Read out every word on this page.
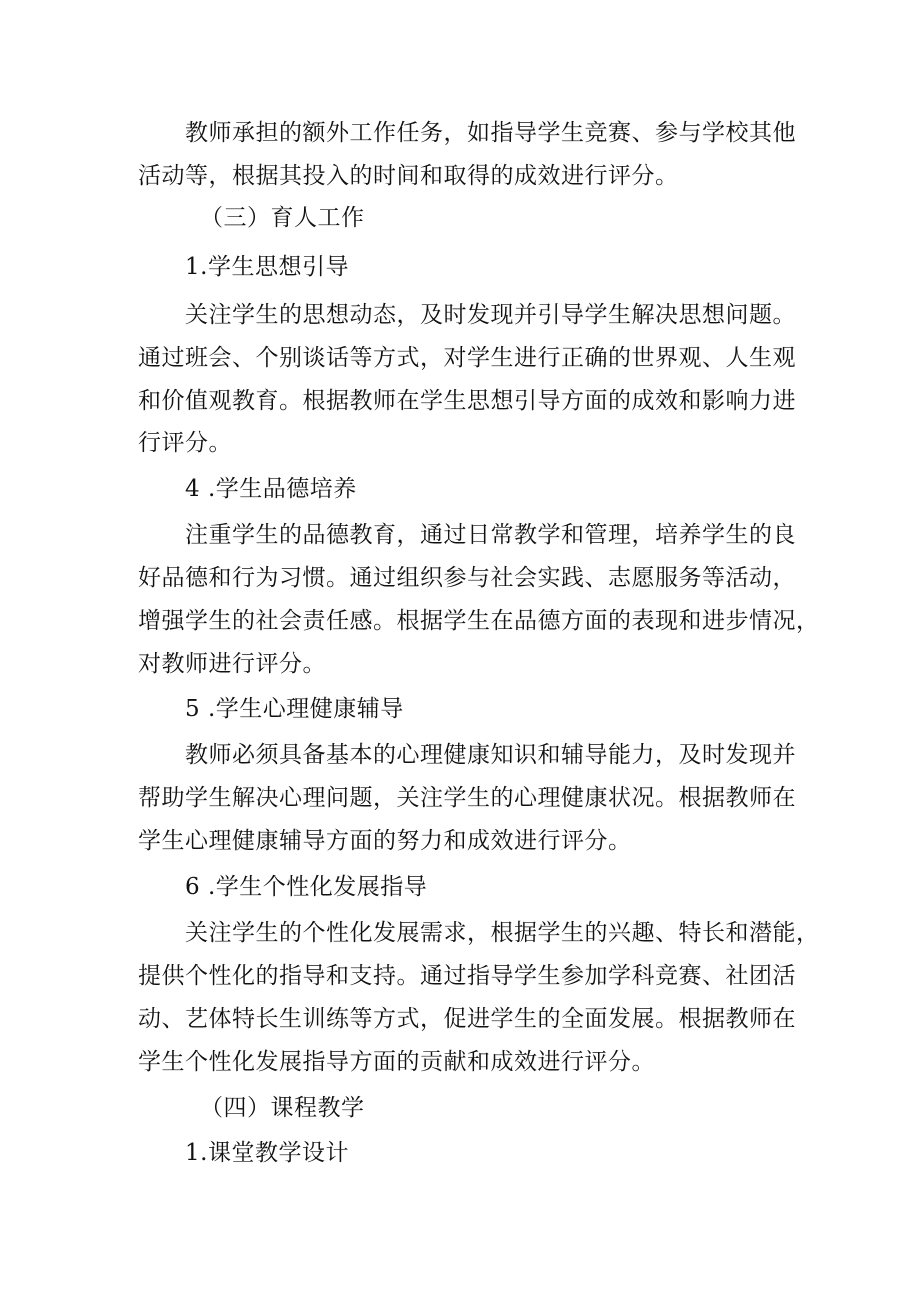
教师承担的额外工作任务，如指导学生竞赛、参与学校其他

活动等，根据其投入的时间和取得的成效进行评分。

（三）育人工作

1.学生思想引导

关注学生的思想动态，及时发现并引导学生解决思想问题。

通过班会、个别谈话等方式，对学生进行正确的世界观、人生观

和价值观教育。根据教师在学生思想引导方面的成效和影响力进

行评分。

4 .学生品德培养

注重学生的品德教育，通过日常教学和管理，培养学生的良

好品德和行为习惯。通过组织参与社会实践、志愿服务等活动，

增强学生的社会责任感。根据学生在品德方面的表现和进步情况，

对教师进行评分。

5 .学生心理健康辅导

教师必须具备基本的心理健康知识和辅导能力，及时发现并

帮助学生解决心理问题，关注学生的心理健康状况。根据教师在

学生心理健康辅导方面的努力和成效进行评分。

6 .学生个性化发展指导

关注学生的个性化发展需求，根据学生的兴趣、特长和潜能，

提供个性化的指导和支持。通过指导学生参加学科竞赛、社团活

动、艺体特长生训练等方式，促进学生的全面发展。根据教师在

学生个性化发展指导方面的贡献和成效进行评分。

（四）课程教学

1.课堂教学设计
